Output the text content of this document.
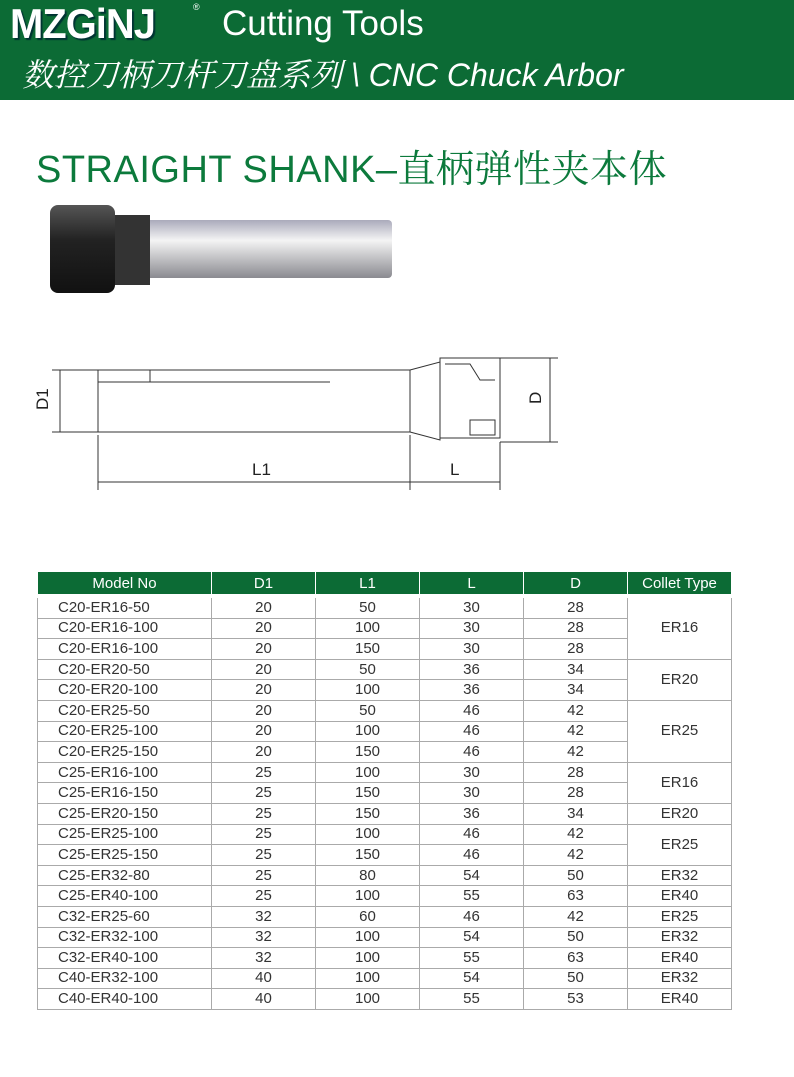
MZGiNJ	® Cutting Tools
数控刀柄刀杆刀盘系列 \ CNC Chuck Arbor
STRAIGHT SHANK–直柄弹性夹本体
D1
L1	L
D
Model No	D1	L1	L	D	Collet Type
C20-ER16-50	20	50	30	28	ER16
C20-ER16-100	20	100	30	28	
C20-ER16-100	20	150	30	28	
C20-ER20-50	20	50	36	34	ER20
C20-ER20-100	20	100	36	34	
C20-ER25-50	20	50	46	42	ER25
C20-ER25-100	20	100	46	42	
C20-ER25-150	20	150	46	42	
C25-ER16-100	25	100	30	28	ER16
C25-ER16-150	25	150	30	28	
C25-ER20-150	25	150	36	34	ER20
C25-ER25-100	25	100	46	42	ER25
C25-ER25-150	25	150	46	42	
C25-ER32-80	25	80	54	50	ER32
C25-ER40-100	25	100	55	63	ER40
C32-ER25-60	32	60	46	42	ER25
C32-ER32-100	32	100	54	50	ER32
C32-ER40-100	32	100	55	63	ER40
C40-ER32-100	40	100	54	50	ER32
C40-ER40-100	40	100	55	53	ER40
